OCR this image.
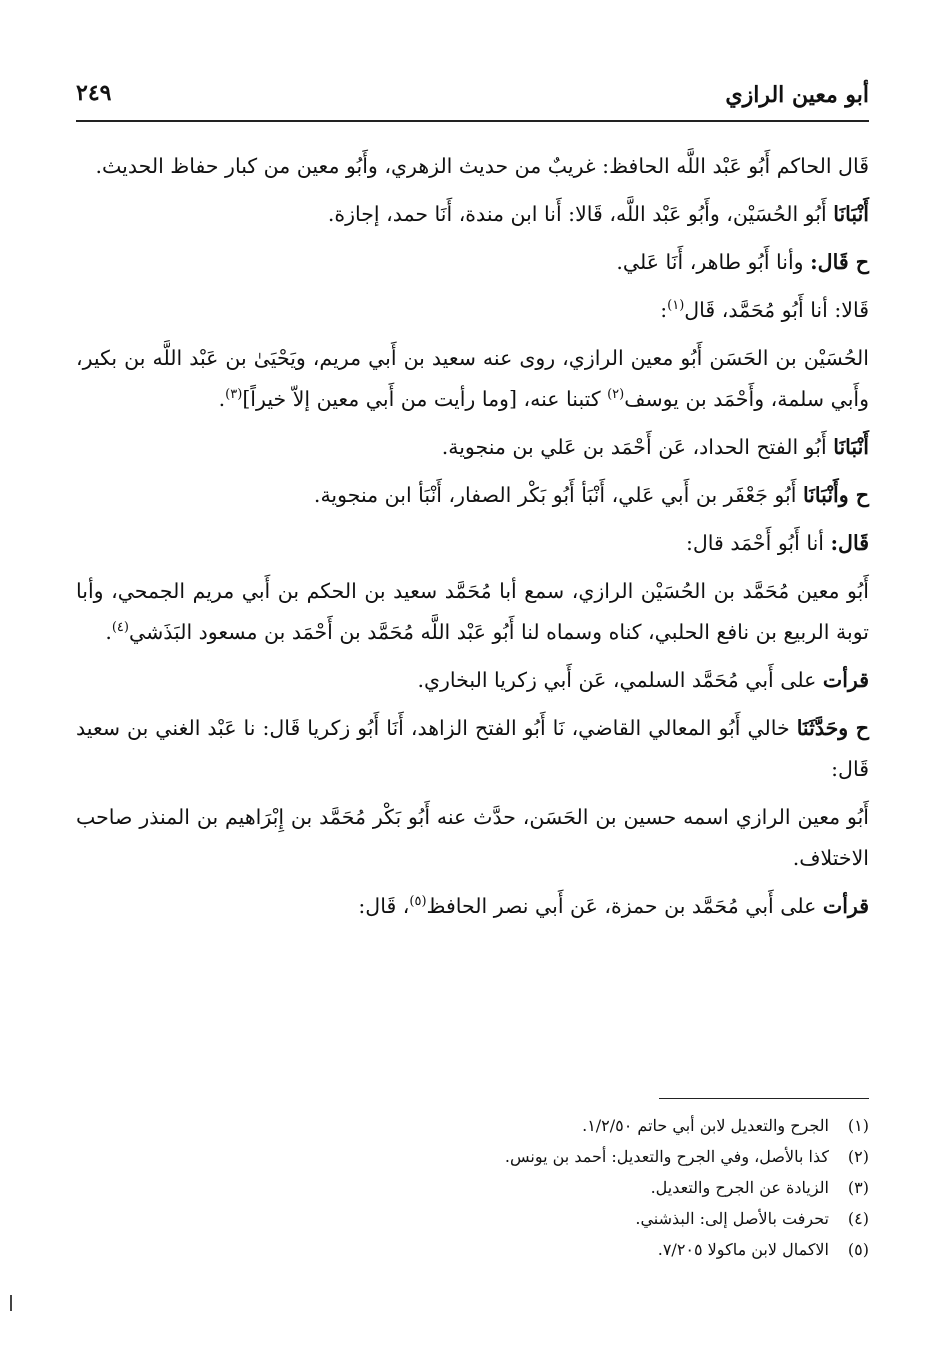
أبو معين الرازي
٢٤٩

قَال الحاكم أَبُو عَبْد اللَّه الحافظ: غريبٌ من حديث الزهري، وأَبُو معين من كبار حفاظ الحديث.

أَنْبَانَا أَبُو الحُسَيْن، وأَبُو عَبْد اللَّه، قَالا: أَنا ابن مندة، أَنَا حمد، إجازة.

ح قَال: وأنا أَبُو طاهر، أَنَا عَلي.

قَالا: أنا أَبُو مُحَمَّد، قَال$^{(١)}$:

الحُسَيْن بن الحَسَن أَبُو معين الرازي، روى عنه سعيد بن أَبي مريم، ويَحْيَىٰ بن عَبْد اللَّه بن بكير، وأَبي سلمة، وأَحْمَد بن يوسف$^{(٢)}$ كتبنا عنه، [وما رأيت من أَبي معين إلاّ خيراً]$^{(٣)}$.

أَنْبَانَا أَبُو الفتح الحداد، عَن أَحْمَد بن عَلي بن منجوية.

ح وأَنْبَانَا أَبُو جَعْفَر بن أَبي عَلي، أَنْبَأ أَبُو بَكْر الصفار، أَنْبَأ ابن منجوية.

قَال: أنا أَبُو أَحْمَد قال:

أَبُو معين مُحَمَّد بن الحُسَيْن الرازي، سمع أبا مُحَمَّد سعيد بن الحكم بن أَبي مريم الجمحي، وأبا توبة الربيع بن نافع الحلبي، كناه وسماه لنا أَبُو عَبْد اللَّه مُحَمَّد بن أَحْمَد بن مسعود البَذَشي$^{(٤)}$.

قرأت على أَبي مُحَمَّد السلمي، عَن أَبي زكريا البخاري.

ح وحَدَّثَنَا خالي أَبُو المعالي القاضي، نَا أَبُو الفتح الزاهد، أَنَا أَبُو زكريا قَال: نا عَبْد الغني بن سعيد قَال:

أَبُو معين الرازي اسمه حسين بن الحَسَن، حدَّث عنه أَبُو بَكْر مُحَمَّد بن إِبْرَاهيم بن المنذر صاحب الاختلاف.

قرأت على أَبي مُحَمَّد بن حمزة، عَن أَبي نصر الحافظ$^{(٥)}$، قَال:

(١)
الجرح والتعديل لابن أبي حاتم ١/٢/٥٠.
(٢)
كذا بالأصل، وفي الجرح والتعديل: أحمد بن يونس.
(٣)
الزيادة عن الجرح والتعديل.
(٤)
تحرفت بالأصل إلى: البذشني.
(٥)
الاكمال لابن ماكولا ٧/٢٠٥.
